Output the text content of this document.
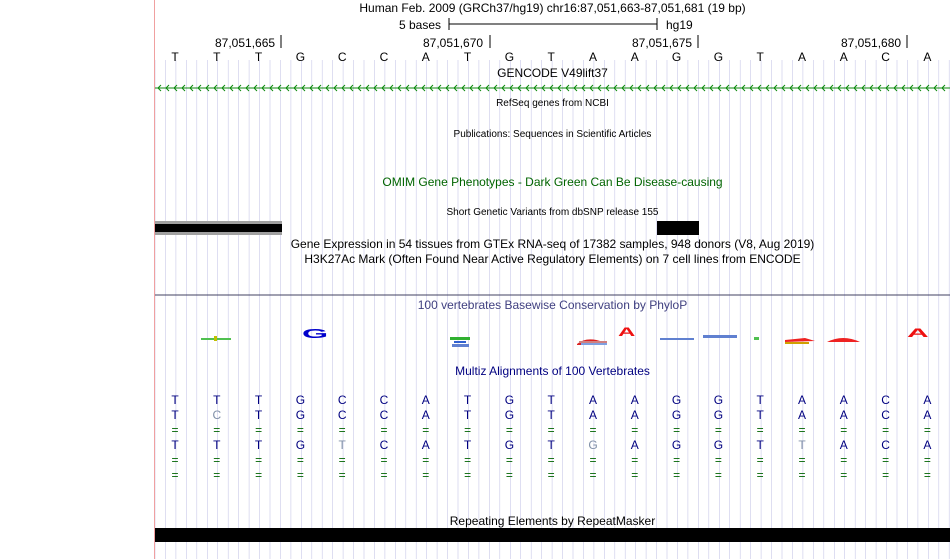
G	A	A
Human Feb. 2009 (GRCh37/hg19) chr16:87,051,663-87,051,681 (19 bp)
5 bases	hg19
87,051,665	87,051,670	87,051,675	87,051,680
T	T	T	G	C	C	A	T	G	T	A	A	G	G	T	A	A	C	A
GENCODE V49lift37
RefSeq genes from NCBI
Publications: Sequences in Scientific Articles
OMIM Gene Phenotypes - Dark Green Can Be Disease-causing
Short Genetic Variants from dbSNP release 155
Gene Expression in 54 tissues from GTEx RNA-seq of 17382 samples, 948 donors (V8, Aug 2019)
H3K27Ac Mark (Often Found Near Active Regulatory Elements) on 7 cell lines from ENCODE
100 vertebrates Basewise Conservation by PhyloP
Multiz Alignments of 100 Vertebrates
Repeating Elements by RepeatMasker
T	T	T	G	C	C	A	T	G	T	A	A	G	G	T	A	A	C	A
T	C	T	G	C	C	A	T	G	T	A	A	G	G	T	A	A	C	A
=	=	=	=	=	=	=	=	=	=	=	=	=	=	=	=	=	=	=
T	T	T	G	T	C	A	T	G	T	G	A	G	G	T	T	A	C	A
=	=	=	=	=	=	=	=	=	=	=	=	=	=	=	=	=	=	=
=	=	=	=	=	=	=	=	=	=	=	=	=	=	=	=	=	=	=
